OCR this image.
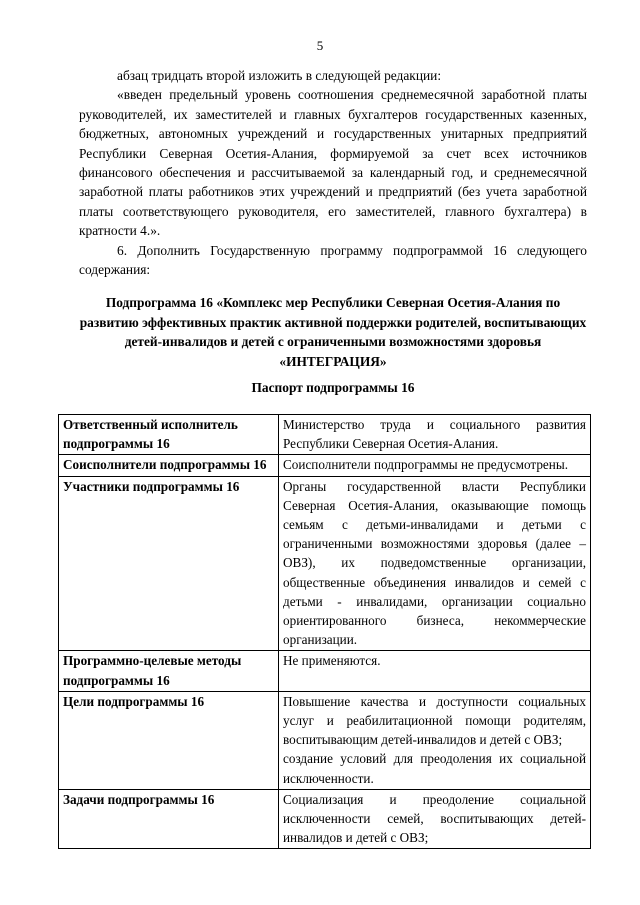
5

абзац тридцать второй изложить в следующей редакции:

«введен предельный уровень соотношения среднемесячной заработной платы руководителей, их заместителей и главных бухгалтеров государственных казенных, бюджетных, автономных учреждений и государственных унитарных предприятий Республики Северная Осетия-Алания, формируемой за счет всех источников финансового обеспечения и рассчитываемой за календарный год, и среднемесячной заработной платы работников этих учреждений и предприятий (без учета заработной платы соответствующего руководителя, его заместителей, главного бухгалтера) в кратности 4.».

6. Дополнить Государственную программу подпрограммой 16 следующего содержания:

Подпрограмма 16 «Комплекс мер Республики Северная Осетия-Алания по развитию эффективных практик активной поддержки родителей, воспитывающих детей-инвалидов и детей с ограниченными возможностями здоровья «ИНТЕГРАЦИЯ»
Паспорт подпрограммы 16
Ответственный исполнитель подпрограммы 16	Министерство труда и социального развития Республики Северная Осетия-Алания.
Соисполнители подпрограммы 16	Соисполнители подпрограммы не предусмотрены.
Участники подпрограммы 16	Органы государственной власти Республики Северная Осетия-Алания, оказывающие помощь семьям с детьми-инвалидами и детьми с ограниченными возможностями здоровья (далее – ОВЗ), их подведомственные организации, общественные объединения инвалидов и семей с детьми - инвалидами, организации социально ориентированного бизнеса, некоммерческие организации.
Программно-целевые методы подпрограммы 16	Не применяются.
Цели подпрограммы 16	Повышение качества и доступности социальных услуг и реабилитационной помощи родителям, воспитывающим детей-инвалидов и детей с ОВЗ;

создание условий для преодоления их социальной исключенности.

Задачи подпрограммы 16	Социализация и преодоление социальной исключенности семей, воспитывающих детей-инвалидов и детей с ОВЗ;
